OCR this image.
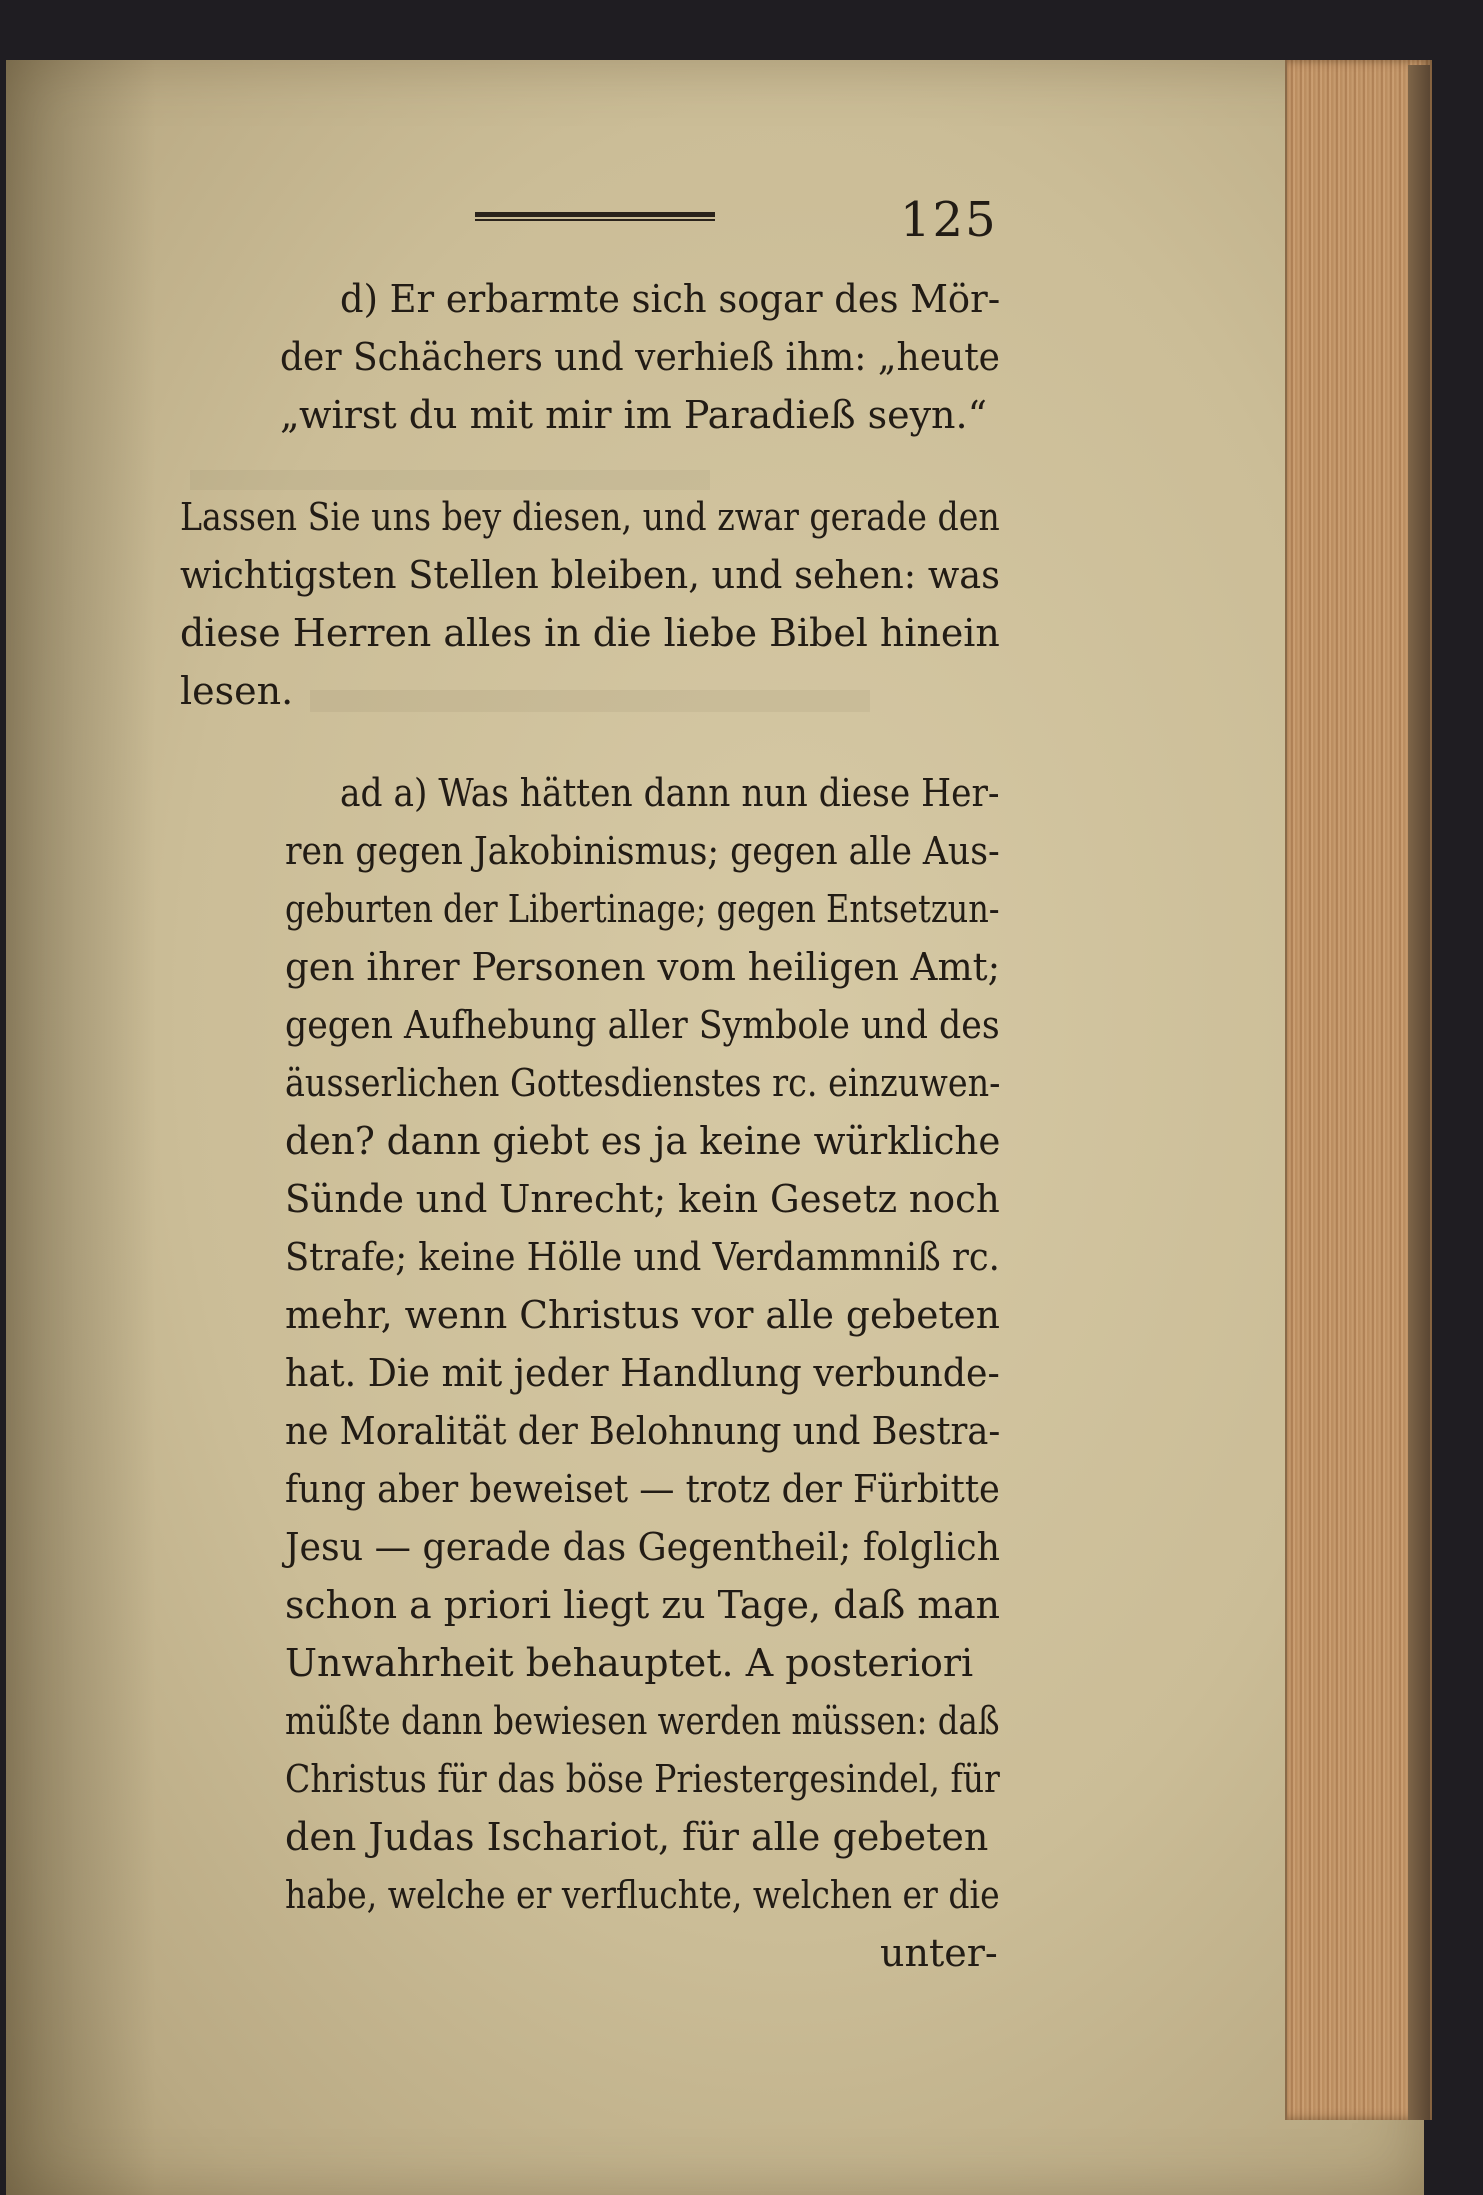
125
d) Er erbarmte sich sogar des Mör-
der Schächers und verhieß ihm: „heute
„wirst du mit mir im Paradieß seyn.“
Lassen Sie uns bey diesen, und zwar gerade den
wichtigsten Stellen bleiben, und sehen: was
diese Herren alles in die liebe Bibel hinein
lesen.
ad a) Was hätten dann nun diese Her-
ren gegen Jakobinismus; gegen alle Aus-
geburten der Libertinage; gegen Entsetzun-
gen ihrer Personen vom heiligen Amt;
gegen Aufhebung aller Symbole und des
äusserlichen Gottesdienstes rc. einzuwen-
den? dann giebt es ja keine würkliche
Sünde und Unrecht; kein Gesetz noch
Strafe; keine Hölle und Verdammniß rc.
mehr, wenn Christus vor alle gebeten
hat. Die mit jeder Handlung verbunde-
ne Moralität der Belohnung und Bestra-
fung aber beweiset — trotz der Fürbitte
Jesu — gerade das Gegentheil; folglich
schon a priori liegt zu Tage, daß man
Unwahrheit behauptet. A posteriori
müßte dann bewiesen werden müssen: daß
Christus für das böse Priestergesindel, für
den Judas Ischariot, für alle gebeten
habe, welche er verfluchte, welchen er die
unter-
